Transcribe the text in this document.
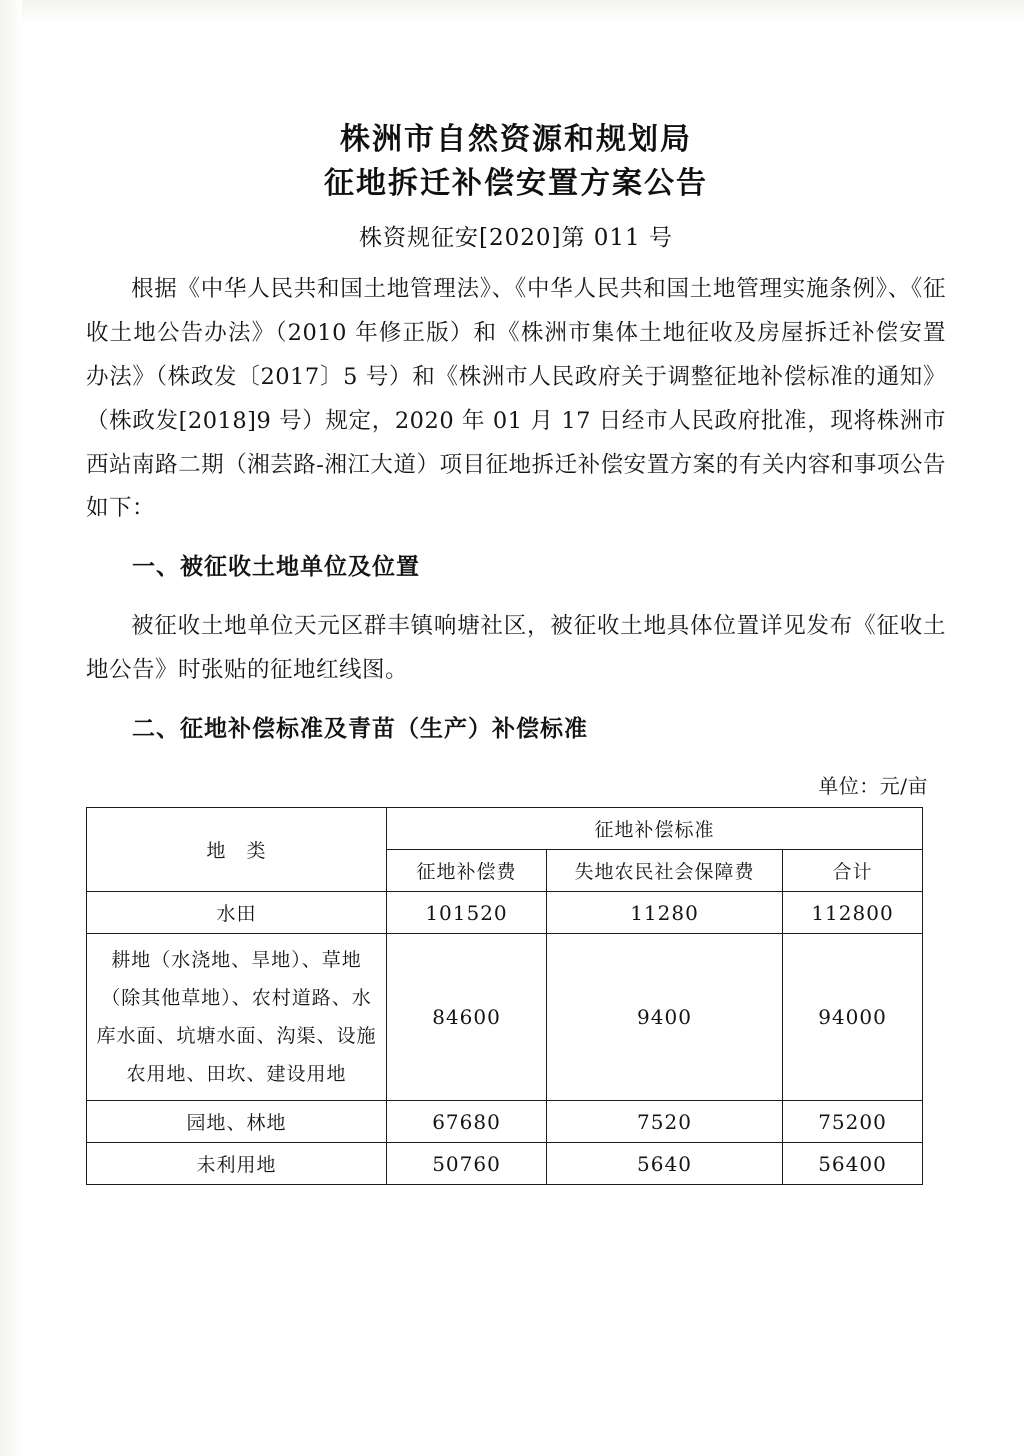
株洲市自然资源和规划局
征地拆迁补偿安置方案公告
株资规征安[2020]第 011 号
根据《中华人民共和国土地管理法》、《中华人民共和国土地管理实施条例》、《征收土地公告办法》（2010 年修正版）和《株洲市集体土地征收及房屋拆迁补偿安置办法》（株政发〔2017〕5 号）和《株洲市人民政府关于调整征地补偿标准的通知》（株政发[2018]9 号）规定，2020 年 01 月 17 日经市人民政府批准，现将株洲市西站南路二期（湘芸路-湘江大道）项目征地拆迁补偿安置方案的有关内容和事项公告如下：
一、被征收土地单位及位置
被征收土地单位天元区群丰镇响塘社区，被征收土地具体位置详见发布《征收土地公告》时张贴的征地红线图。
二、征地补偿标准及青苗（生产）补偿标准
单位：元/亩
地　类	征地补偿标准		
	征地补偿费	失地农民社会保障费	合计
水田	101520	11280	112800
耕地（水浇地、旱地）、草地（除其他草地）、农村道路、水库水面、坑塘水面、沟渠、设施农用地、田坎、建设用地	84600	9400	94000
园地、林地	67680	7520	75200
未利用地	50760	5640	56400
